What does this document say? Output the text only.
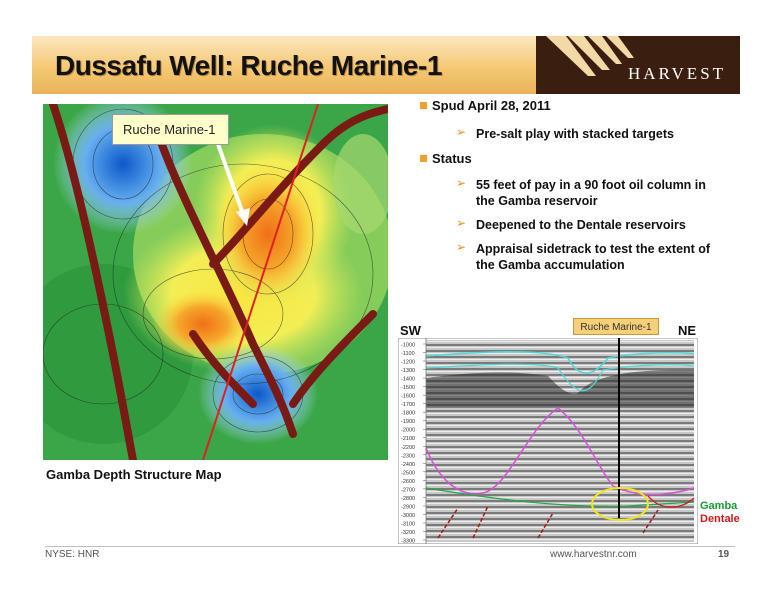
Dussafu Well: Ruche Marine-1	HARVEST
Ruche Marine-1
Gamba Depth Structure Map
Spud April 28, 2011
➢ Pre-salt play with stacked targets
Status
➢ 55 feet of pay in a 90 foot oil column in the Gamba reservoir
➢ Deepened to the Dentale reservoirs
➢ Appraisal sidetrack to test the extent of the Gamba accumulation
SW	NE
Ruche Marine-1
-1000
-1100
-1200
-1300
-1400
-1500
-1600
-1700
-1800
-1900
-2000
-2100
-2200
-2300
-2400
-2500
-2600
-2700
-2800
-2900
-3000
-3100
-3200
-3300
Gamba
Dentale
NYSE: HNR	www.harvestnr.com	19
